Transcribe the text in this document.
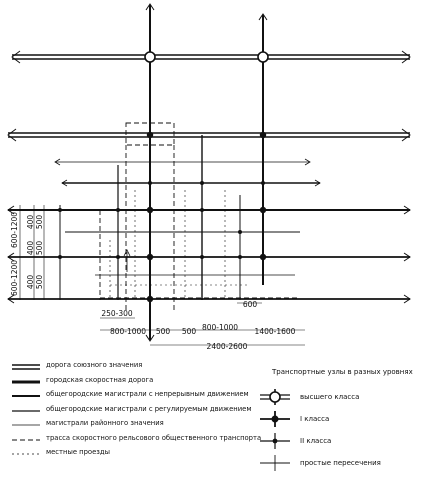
600-1200
600-1200
400 500
400 500
400 500
250-300
600
800-1000 500 500 800-1000 1400-1600
2400-2600
дорога союзного значения
городская скоростная дорога
общегородские магистрали с непрерывным движением
общегородские магистрали с регулируемым движением
магистрали районного значения
трасса скоростного рельсового общественного транспорта
местные проезды
Транспортные узлы в разных уровнях
высшего класса
I класса
II класса
простые пересечения
